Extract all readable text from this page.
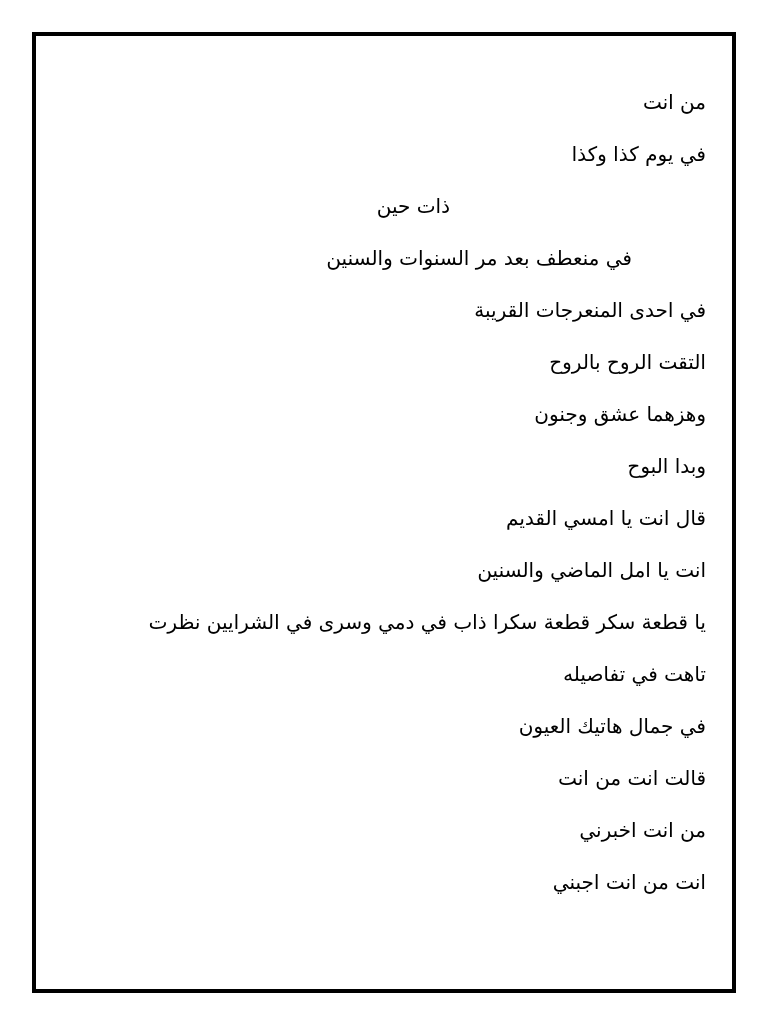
من انت
في يوم كذا وكذا
ذات حين
في منعطف بعد مر السنوات والسنين
في احدى المنعرجات القريبة
التقت الروح بالروح
وهزهما عشق وجنون
وبدا البوح
قال انت يا امسي القديم
انت يا امل الماضي والسنين
يا قطعة سكر قطعة سكرا ذاب في دمي وسرى في الشرايين نظرت
تاهت في تفاصيله
في جمال هاتيك العيون
قالت انت من انت
من انت اخبرني
انت من انت اجبني
